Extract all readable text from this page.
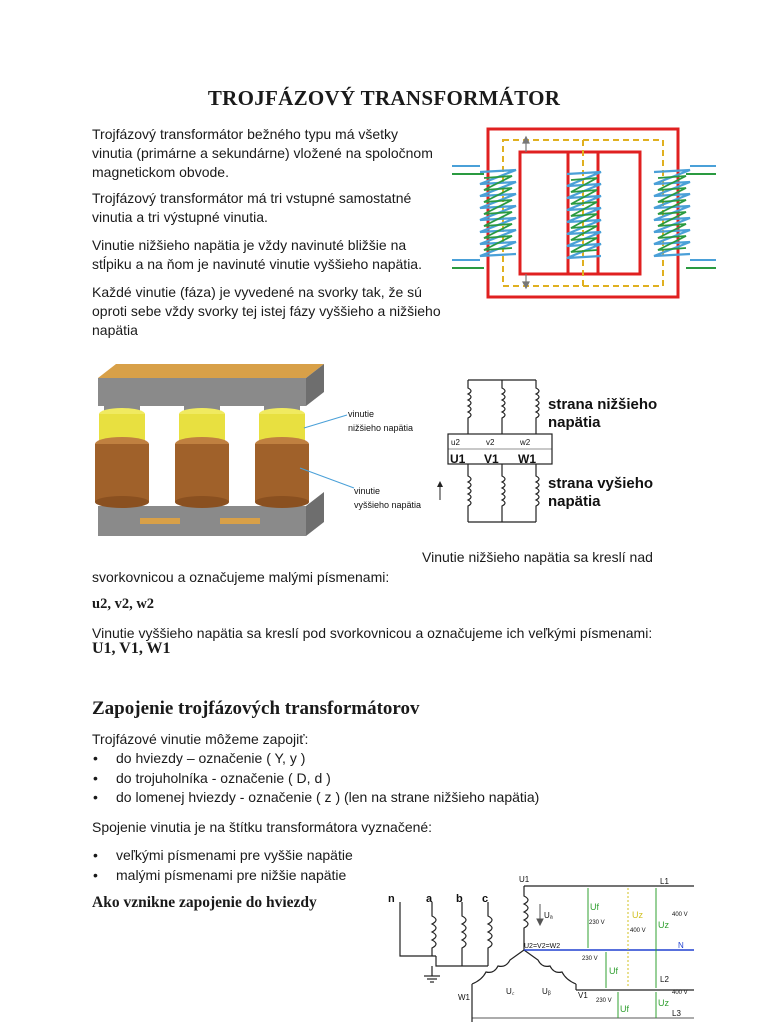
TROJFÁZOVÝ TRANSFORMÁTOR
Trojfázový transformátor bežného typu má všetky
vinutia (primárne a sekundárne) vložené na spoločnom
magnetickom obvode.
Trojfázový transformátor má tri vstupné samostatné
vinutia a tri výstupné vinutia.
Vinutie nižšieho napätia je vždy navinuté bližšie na
stĺpiku a na ňom je navinuté vinutie vyššieho napätia.
Každé vinutie (fáza) je vyvedené na svorky tak, že sú
oproti sebe vždy svorky tej istej fázy vyššieho a nižšieho
napätia
vinutie
nižšieho napätia
vinutie
vyššieho napätia
u2	v2	w2
U1 V1 W1
strana nižšieho
napätia
strana vyšieho
napätia
Vinutie nižšieho napätia sa kreslí nad
svorkovnicou a označujeme malými písmenami:
u2, v2, w2
Vinutie vyššieho napätia sa kreslí pod svorkovnicou a označujeme ich veľkými písmenami:
U1, V1, W1
Zapojenie trojfázových transformátorov
Trojfázové vinutie môžeme zapojiť:
• do hviezdy – označenie ( Y, y )
• do trojuholníka - označenie ( D, d )
• do lomenej hviezdy - označenie ( z ) (len na strane nižšieho napätia)
Spojenie vinutia je na štítku transformátora vyznačené:
• veľkými písmenami pre vyššie napätie
• malými písmenami pre nižšie napätie
Ako vznikne zapojenie do hviezdy	n	a b c
U1
W1	V1
U2=V2=W2
Uₐ
U꜀	Uᵦ
Uf
230 V
Uf
230 V
Uf
230 V
Uz
400 V
400 V
Uz
400 V
Uz
L1
N
L2
L3
